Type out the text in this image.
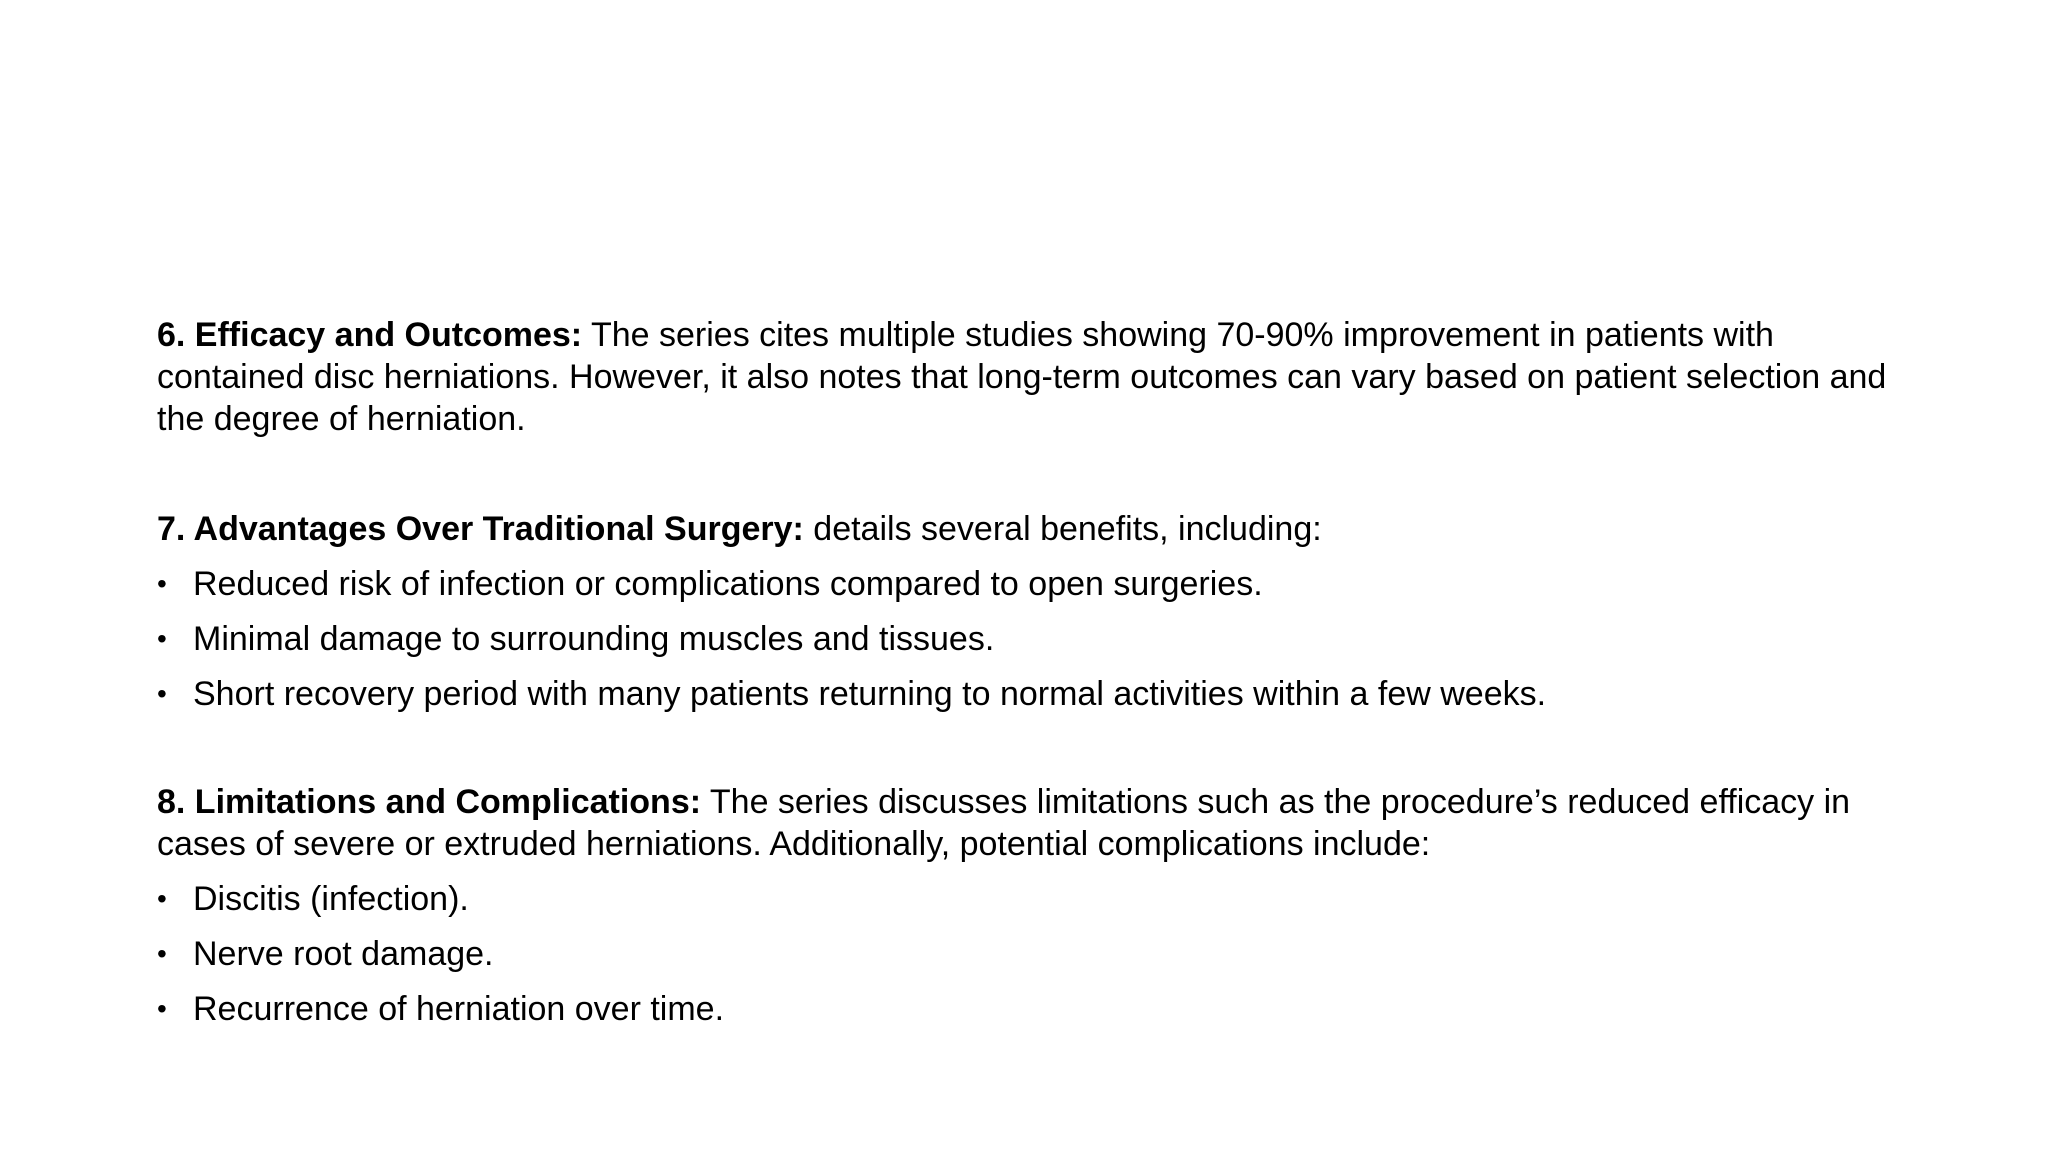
6. Efficacy and Outcomes: The series cites multiple studies showing 70-90% improvement in patients with contained disc herniations. However, it also notes that long-term outcomes can vary based on patient selection and the degree of herniation.

7. Advantages Over Traditional Surgery: details several benefits, including:

• Reduced risk of infection or complications compared to open surgeries.
• Minimal damage to surrounding muscles and tissues.
• Short recovery period with many patients returning to normal activities within a few weeks.

8. Limitations and Complications: The series discusses limitations such as the procedure’s reduced efficacy in cases of severe or extruded herniations. Additionally, potential complications include:

• Discitis (infection).
• Nerve root damage.
• Recurrence of herniation over time.
